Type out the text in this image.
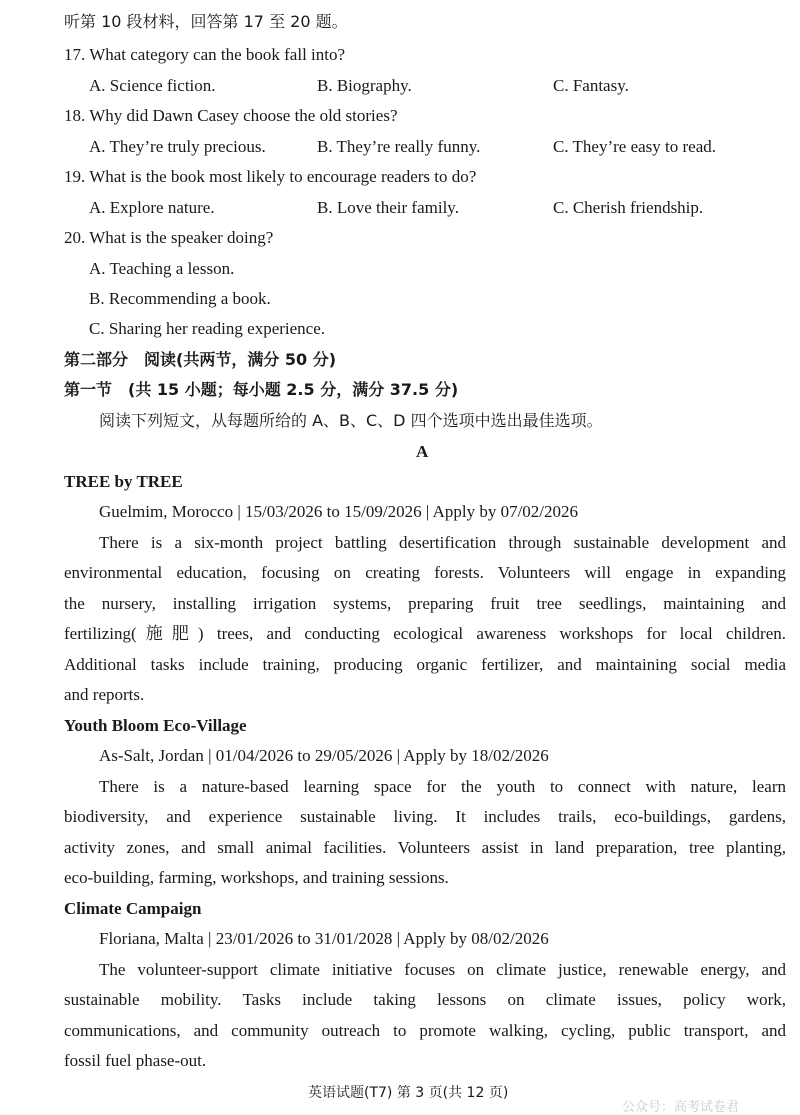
听第 10 段材料，回答第 17 至 20 题。
17. What category can the book fall into?
A. Science fiction.	B. Biography.	C. Fantasy.
18. Why did Dawn Casey choose the old stories?
A. They’re truly precious.	B. They’re really funny.	C. They’re easy to read.
19. What is the book most likely to encourage readers to do?
A. Explore nature.	B. Love their family.	C. Cherish friendship.
20. What is the speaker doing?
A. Teaching a lesson.
B. Recommending a book.
C. Sharing her reading experience.
第二部分　阅读(共两节，满分 50 分)
第一节　(共 15 小题；每小题 2.5 分，满分 37.5 分)
阅读下列短文，从每题所给的 A、B、C、D 四个选项中选出最佳选项。
A
TREE by TREE
Guelmim, Morocco | 15/03/2026 to 15/09/2026 | Apply by 07/02/2026
There is a six-month project battling desertification through sustainable development and
environmental education, focusing on creating forests. Volunteers will engage in expanding
the nursery, installing irrigation systems, preparing fruit tree seedlings, maintaining and
fertilizing(施肥) trees, and conducting ecological awareness workshops for local children.
Additional tasks include training, producing organic fertilizer, and maintaining social media
and reports.
Youth Bloom Eco-Village
As-Salt, Jordan | 01/04/2026 to 29/05/2026 | Apply by 18/02/2026
There is a nature-based learning space for the youth to connect with nature, learn
biodiversity, and experience sustainable living. It includes trails, eco-buildings, gardens,
activity zones, and small animal facilities. Volunteers assist in land preparation, tree planting,
eco-building, farming, workshops, and training sessions.
Climate Campaign
Floriana, Malta | 23/01/2026 to 31/01/2028 | Apply by 08/02/2026
The volunteer-support climate initiative focuses on climate justice, renewable energy, and
sustainable mobility. Tasks include taking lessons on climate issues, policy work,
communications, and community outreach to promote walking, cycling, public transport, and
fossil fuel phase-out.
英语试题(T7) 第 3 页(共 12 页)
公众号：高考试卷君
